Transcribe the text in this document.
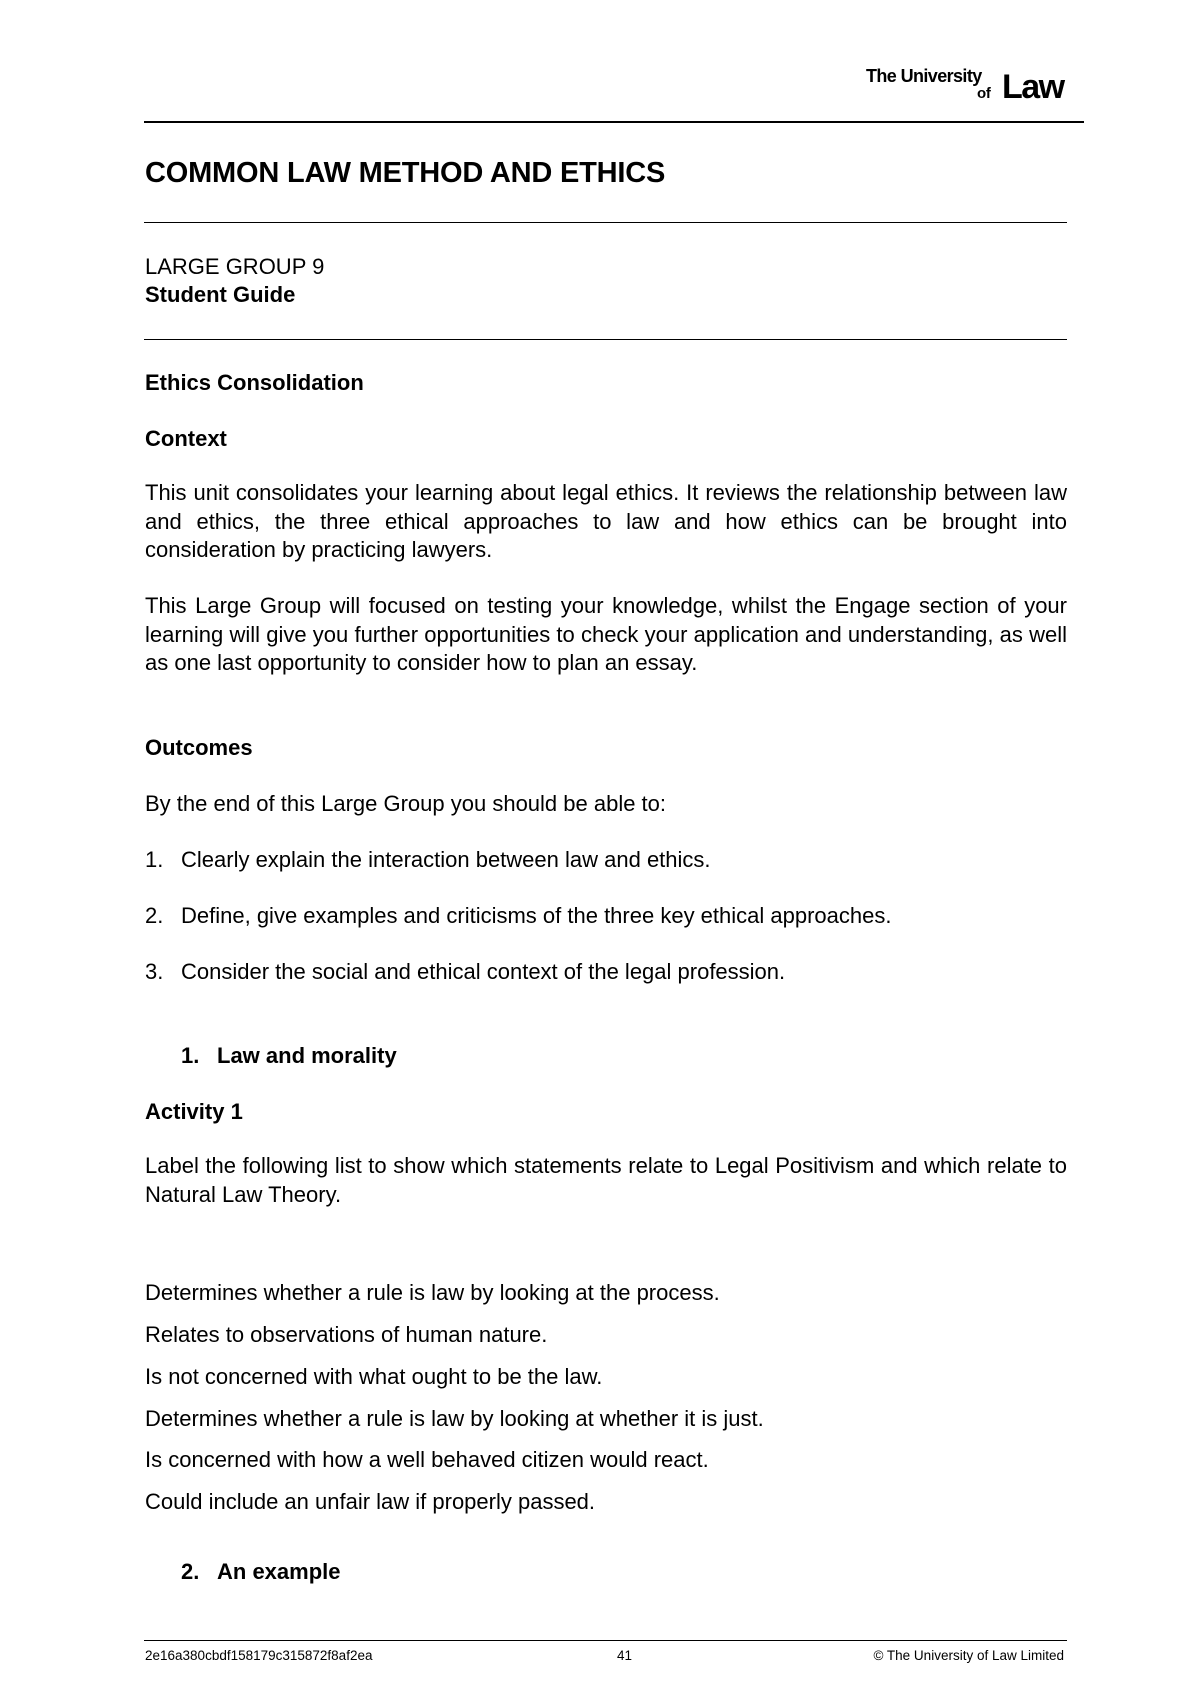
The University
of Law
COMMON LAW METHOD AND ETHICS
LARGE GROUP 9
Student Guide
Ethics Consolidation
Context
This unit consolidates your learning about legal ethics. It reviews the relationship between law and ethics, the three ethical approaches to law and how ethics can be brought into consideration by practicing lawyers.
This Large Group will focused on testing your knowledge, whilst the Engage section of your learning will give you further opportunities to check your application and understanding, as well as one last opportunity to consider how to plan an essay.
Outcomes
By the end of this Large Group you should be able to:
1. Clearly explain the interaction between law and ethics.
2. Define, give examples and criticisms of the three key ethical approaches.
3. Consider the social and ethical context of the legal profession.
1. Law and morality
Activity 1
Label the following list to show which statements relate to Legal Positivism and which relate to Natural Law Theory.
Determines whether a rule is law by looking at the process.
Relates to observations of human nature.
Is not concerned with what ought to be the law.
Determines whether a rule is law by looking at whether it is just.
Is concerned with how a well behaved citizen would react.
Could include an unfair law if properly passed.
2. An example
2e16a380cbdf158179c315872f8af2ea	41	© The University of Law Limited
